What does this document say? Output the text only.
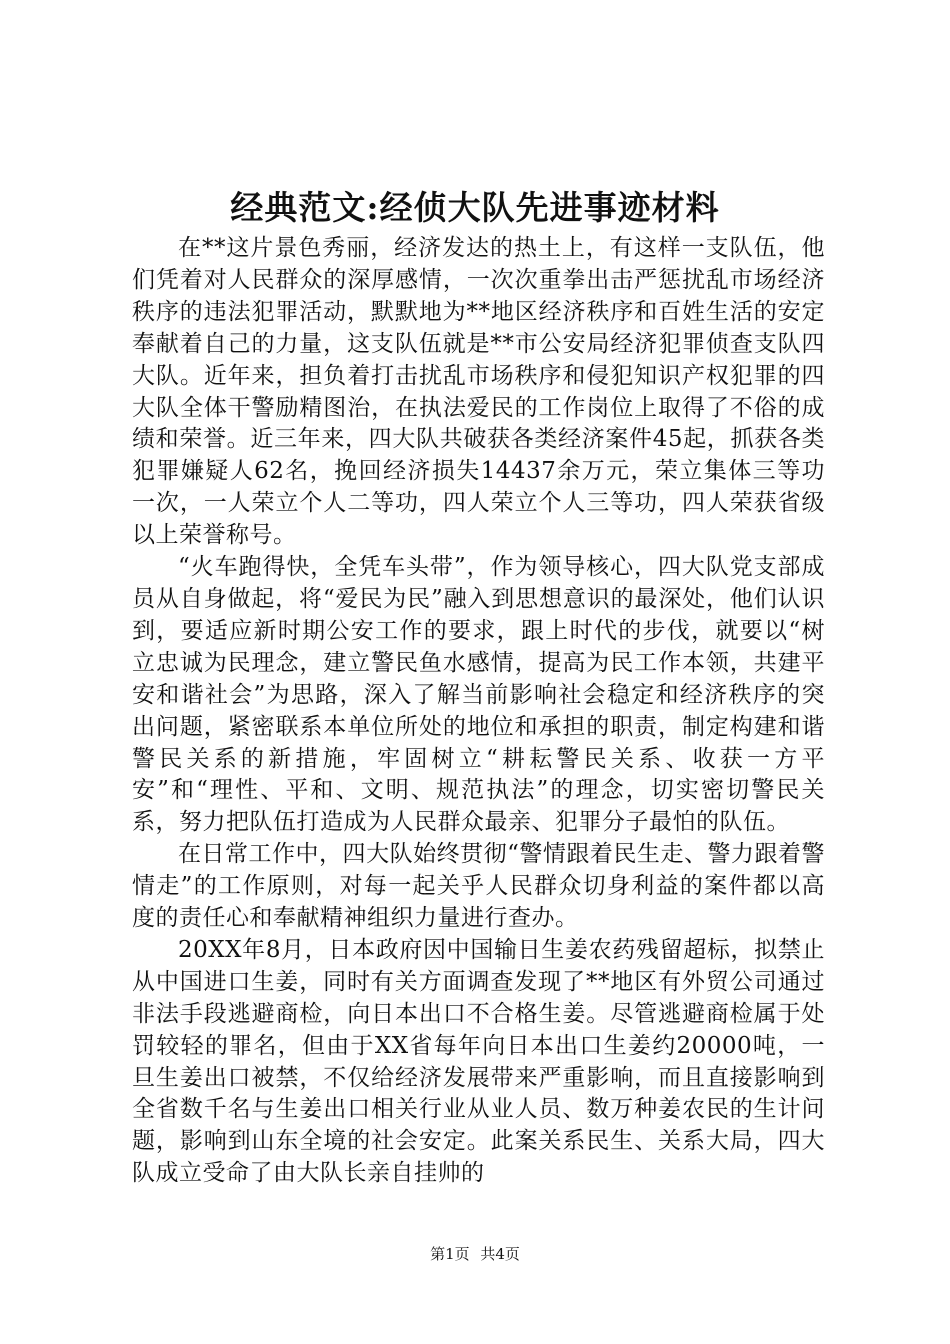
经典范文:经侦大队先进事迹材料

在**这片景色秀丽，经济发达的热土上，有这样一支队伍，他们凭着对人民群众的深厚感情，一次次重拳出击严惩扰乱市场经济秩序的违法犯罪活动，默默地为**地区经济秩序和百姓生活的安定奉献着自己的力量，这支队伍就是**市公安局经济犯罪侦查支队四大队。近年来，担负着打击扰乱市场秩序和侵犯知识产权犯罪的四大队全体干警励精图治，在执法爱民的工作岗位上取得了不俗的成绩和荣誉。近三年来，四大队共破获各类经济案件45起，抓获各类犯罪嫌疑人62名，挽回经济损失14437余万元，荣立集体三等功一次，一人荣立个人二等功，四人荣立个人三等功，四人荣获省级以上荣誉称号。

“火车跑得快，全凭车头带”，作为领导核心，四大队党支部成员从自身做起，将“爱民为民”融入到思想意识的最深处，他们认识到，要适应新时期公安工作的要求，跟上时代的步伐，就要以“树立忠诚为民理念，建立警民鱼水感情，提高为民工作本领，共建平安和谐社会”为思路，深入了解当前影响社会稳定和经济秩序的突出问题，紧密联系本单位所处的地位和承担的职责，制定构建和谐警民关系的新措施，牢固树立“耕耘警民关系、收获一方平安”和“理性、平和、文明、规范执法”的理念，切实密切警民关系，努力把队伍打造成为人民群众最亲、犯罪分子最怕的队伍。

在日常工作中，四大队始终贯彻“警情跟着民生走、警力跟着警情走”的工作原则，对每一起关乎人民群众切身利益的案件都以高度的责任心和奉献精神组织力量进行查办。

20XX年8月，日本政府因中国输日生姜农药残留超标，拟禁止从中国进口生姜，同时有关方面调查发现了**地区有外贸公司通过非法手段逃避商检，向日本出口不合格生姜。尽管逃避商检属于处罚较轻的罪名，但由于XX省每年向日本出口生姜约20000吨，一旦生姜出口被禁，不仅给经济发展带来严重影响，而且直接影响到全省数千名与生姜出口相关行业从业人员、数万种姜农民的生计问题，影响到山东全境的社会安定。此案关系民生、关系大局，四大队成立受命了由大队长亲自挂帅的

第1页 共4页
